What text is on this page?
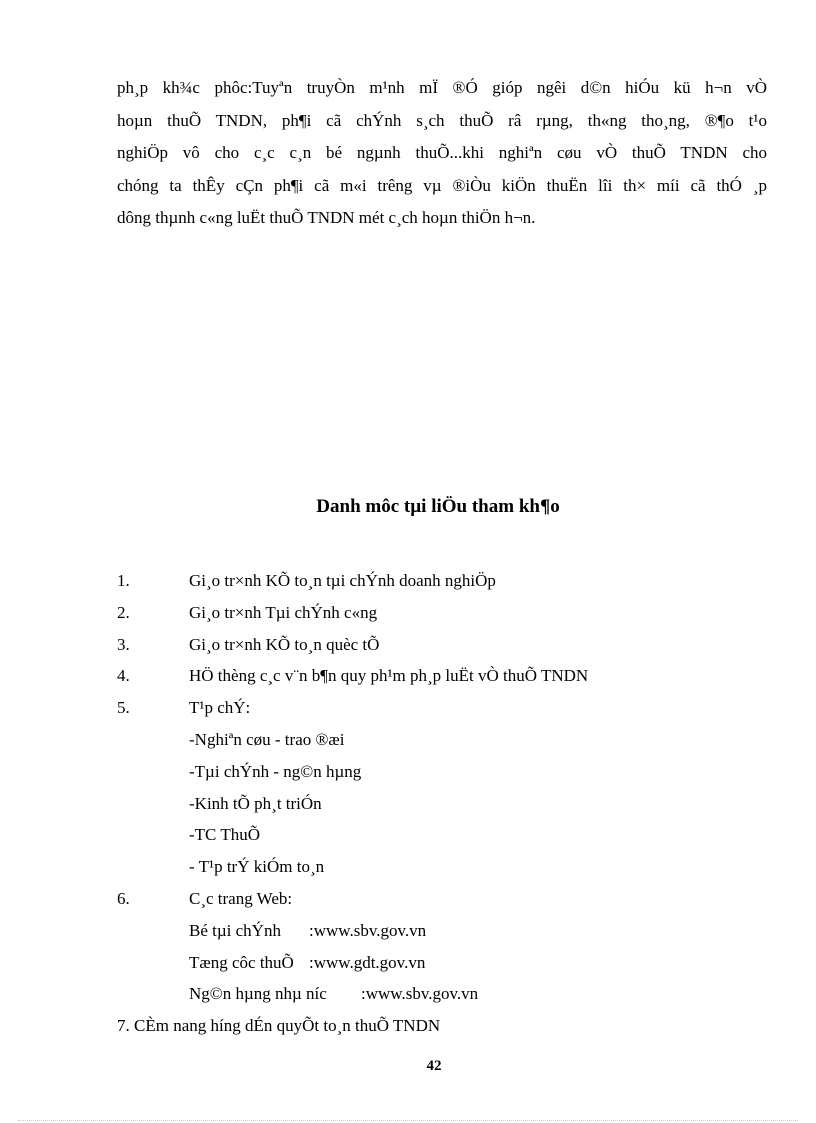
ph¸p kh¾c phôc:Tuyªn truyÒn m¹nh mÏ ®Ó gióp ngêi d©n hiÓu kü h¬n vÒ
hoµn thuÕ TNDN, ph¶i cã chÝnh s¸ch thuÕ râ rµng, th«ng tho¸ng, ®¶o t¹o
nghiÖp vô cho c¸c c¸n bé ngµnh thuÕ...khi nghiªn cøu vÒ thuÕ TNDN cho
chóng ta thÊy cÇn ph¶i cã m«i trêng vµ ®iÒu kiÖn thuËn lîi th× míi cã thÓ ¸p
dông thµnh c«ng luËt thuÕ TNDN mét c¸ch hoµn thiÖn h¬n.
Danh môc tµi liÖu tham kh¶o
1.	Gi¸o tr×nh KÕ to¸n tµi chÝnh doanh nghiÖp
2.	Gi¸o tr×nh Tµi chÝnh c«ng
3.	Gi¸o tr×nh KÕ to¸n quèc tÕ
4.	HÖ thèng c¸c v¨n b¶n quy ph¹m ph¸p luËt vÒ thuÕ TNDN
5.	T¹p chÝ:
-Nghiªn cøu - trao ®æi
-Tµi chÝnh - ng©n hµng
-Kinh tÕ ph¸t triÓn
-TC ThuÕ
- T¹p trÝ kiÓm to¸n
6.	C¸c trang Web:
Bé tµi chÝnh :www.sbv.gov.vn
Tæng côc thuÕ :www.gdt.gov.vn
Ng©n hµng nhµ níc :www.sbv.gov.vn
7. CÈm nang híng dÉn quyÕt to¸n thuÕ TNDN
42
